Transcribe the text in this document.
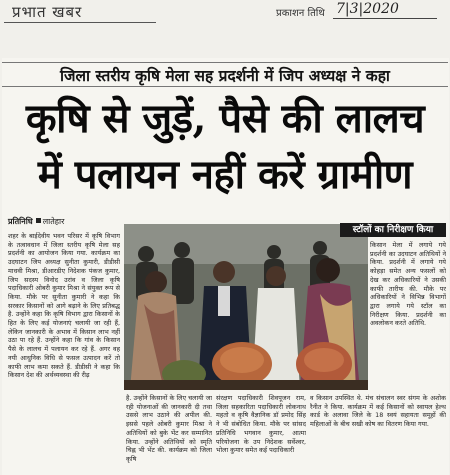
प्रभात खबर	प्रकाशन तिथि 7|3|2020
जिला स्तरीय कृषि मेला सह प्रदर्शनी में जिप अध्यक्ष ने कहा
कृषि से जुड़ें, पैसे की लालच
में पलायन नहीं करें ग्रामीण
प्रतिनिधि लातेहार
शहर के बाईदेवीय भवन परिसर में कृषि विभाग के तत्वावधान में जिला स्तरीय कृषि मेला सह प्रदर्शनी का आयोजन किया गया. कार्यक्रम का उदघाटन जिप अध्यक्ष सुनीता कुमारी, डीडीसी माधवी मिश्रा, डीआरडीए निदेशक पंकज कुमार, जिप सदस्य विनोद उरांव व जिला कृषि पदाधिकारी ओबरी कुमार मिश्रा ने संयुक्त रूप से किया. मौके पर सुनीता कुमारी ने कहा कि सरकार किसानों को आगे बढ़ाने के लिए प्रतिबद्ध है. उन्होंने कहा कि कृषि विभाग द्वारा किसानों के हित के लिए कई योजनाएं चलायी जा रही हैं, लेकिन जानकारी के अभाव में किसान लाभ नहीं उठा पा रहे हैं. उन्होंने कहा कि गांव के किसान पैसे के लालच में पलायन कर रहे हैं. अगर वह नयी आधुनिक विधि से फसल उत्पादन करें तो काफी लाभ कमा सकते हैं. डीडीसी ने कहा कि किसान देश की अर्थव्यवस्था की रीढ़
स्टॉलों का निरीक्षण किया
किसान मेला में लगाये गये प्रदर्शनी का उदघाटन अतिथियों ने किया. प्रदर्शनी में लगाये गये कोहड़ा समेत अन्य फसलों को देख कर अधिकारियों ने उसकी काफी तारीफ की. मौके पर अधिकारियों ने विभिन्न विभागों द्वारा लगाये गये स्टॉल का निरीक्षण किया. प्रदर्शनी का अवलोकन करते अतिथि.
है. उन्होंने किसानों के लिए चलायी जा रही योजनाओं की जानकारी दी तथा उससे लाभ उठाने की अपील की. इससे पहले ओबरी कुमार मिश्रा ने अतिथियों को बुके भेंट कर सम्मानित किया. उन्होंने अतिथियों को स्मृति चिह्न भी भेंट की. कार्यक्रम को जिला कृषि
संरक्षण पदाधिकारी शिवपूजन राम, जिला सहकारिता पदाधिकारी लोकनाथ महतो व कृषि वैज्ञानिक डॉ प्रमोद सिंह ने भी संबोधित किया. मौके पर सांसद प्रतिनिधि भगवान कुमार, आत्मा परियोजना के उप निदेशक सर्वेश्वर, भोला कुमार समेत कई पदाधिकारी
व किसान उपस्थित थे. मंच संचालन स्वर संगम के अशोक रैनीत ने किया. कार्यक्रम में कई किसानों को स्वायल हेल्थ कार्ड के अलावा जिले के 18 स्वयं सहायता समूहों की महिलाओं के बीच सखी कोष का वितरण किया गया.
